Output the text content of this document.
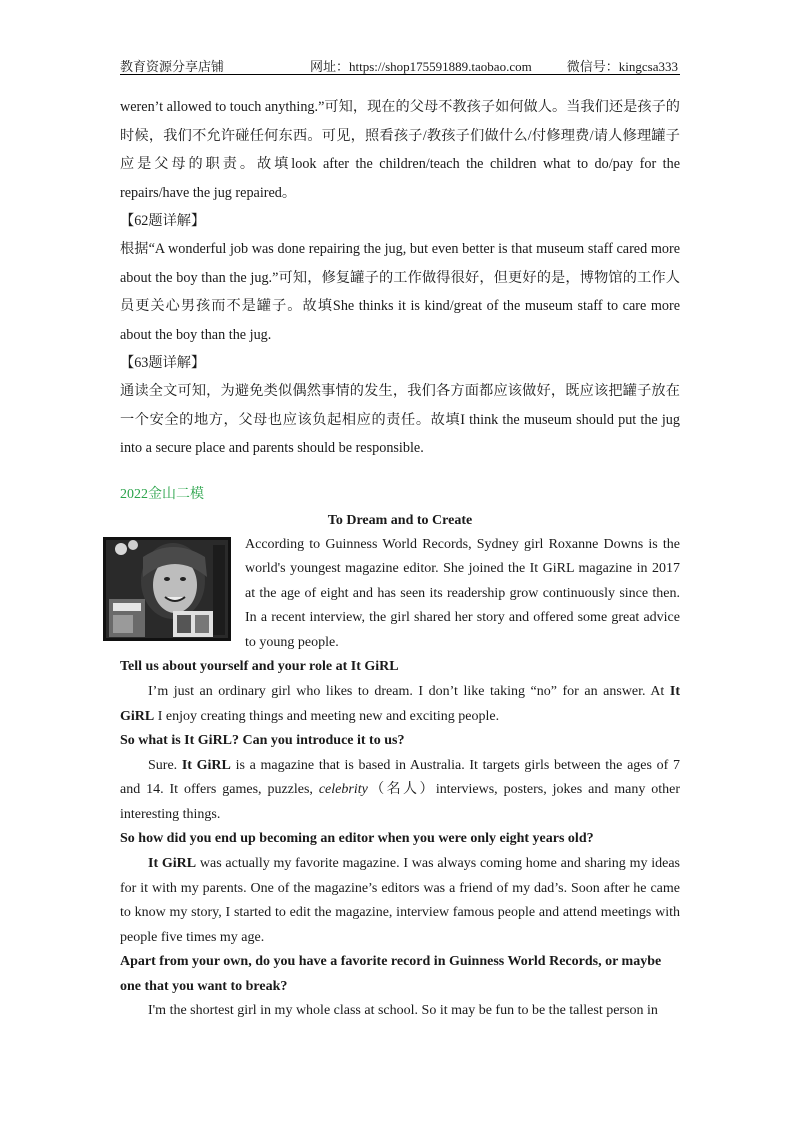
教育资源分享店铺	网址：https://shop175591889.taobao.com	微信号：kingcsa333

weren’t allowed to touch anything.”可知，现在的父母不教孩子如何做人。当我们还是孩子的时候，我们不允许碰任何东西。可见，照看孩子/教孩子们做什么/付修理费/请人修理罐子应是父母的职责。故填look after the children/teach the children what to do/pay for the repairs/have the jug repaired。

【62题详解】

根据“A wonderful job was done repairing the jug, but even better is that museum staff cared more about the boy than the jug.”可知，修复罐子的工作做得很好，但更好的是，博物馆的工作人员更关心男孩而不是罐子。故填She thinks it is kind/great of the museum staff to care more about the boy than the jug.

【63题详解】

通读全文可知，为避免类似偶然事情的发生，我们各方面都应该做好，既应该把罐子放在一个安全的地方，父母也应该负起相应的责任。故填I think the museum should put the jug into a secure place and parents should be responsible.

2022金山二模
To Dream and to Create

According to Guinness World Records, Sydney girl Roxanne Downs is the world's youngest magazine editor. She joined the It GiRL magazine in 2017 at the age of eight and has seen its readership grow continuously since then. In a recent interview, the girl shared her story and offered some great advice to young people.

Tell us about yourself and your role at It GiRL

I’m just an ordinary girl who likes to dream. I don’t like taking “no” for an answer. At It GiRL I enjoy creating things and meeting new and exciting people.

So what is It GiRL? Can you introduce it to us?

Sure. It GiRL is a magazine that is based in Australia. It targets girls between the ages of 7 and 14. It offers games, puzzles, celebrity（名人）interviews, posters, jokes and many other interesting things.

So how did you end up becoming an editor when you were only eight years old?

It GiRL was actually my favorite magazine. I was always coming home and sharing my ideas for it with my parents. One of the magazine’s editors was a friend of my dad’s. Soon after he came to know my story, I started to edit the magazine, interview famous people and attend meetings with people five times my age.

Apart from your own, do you have a favorite record in Guinness World Records, or maybe one that you want to break?

I'm the shortest girl in my whole class at school. So it may be fun to be the tallest person in
